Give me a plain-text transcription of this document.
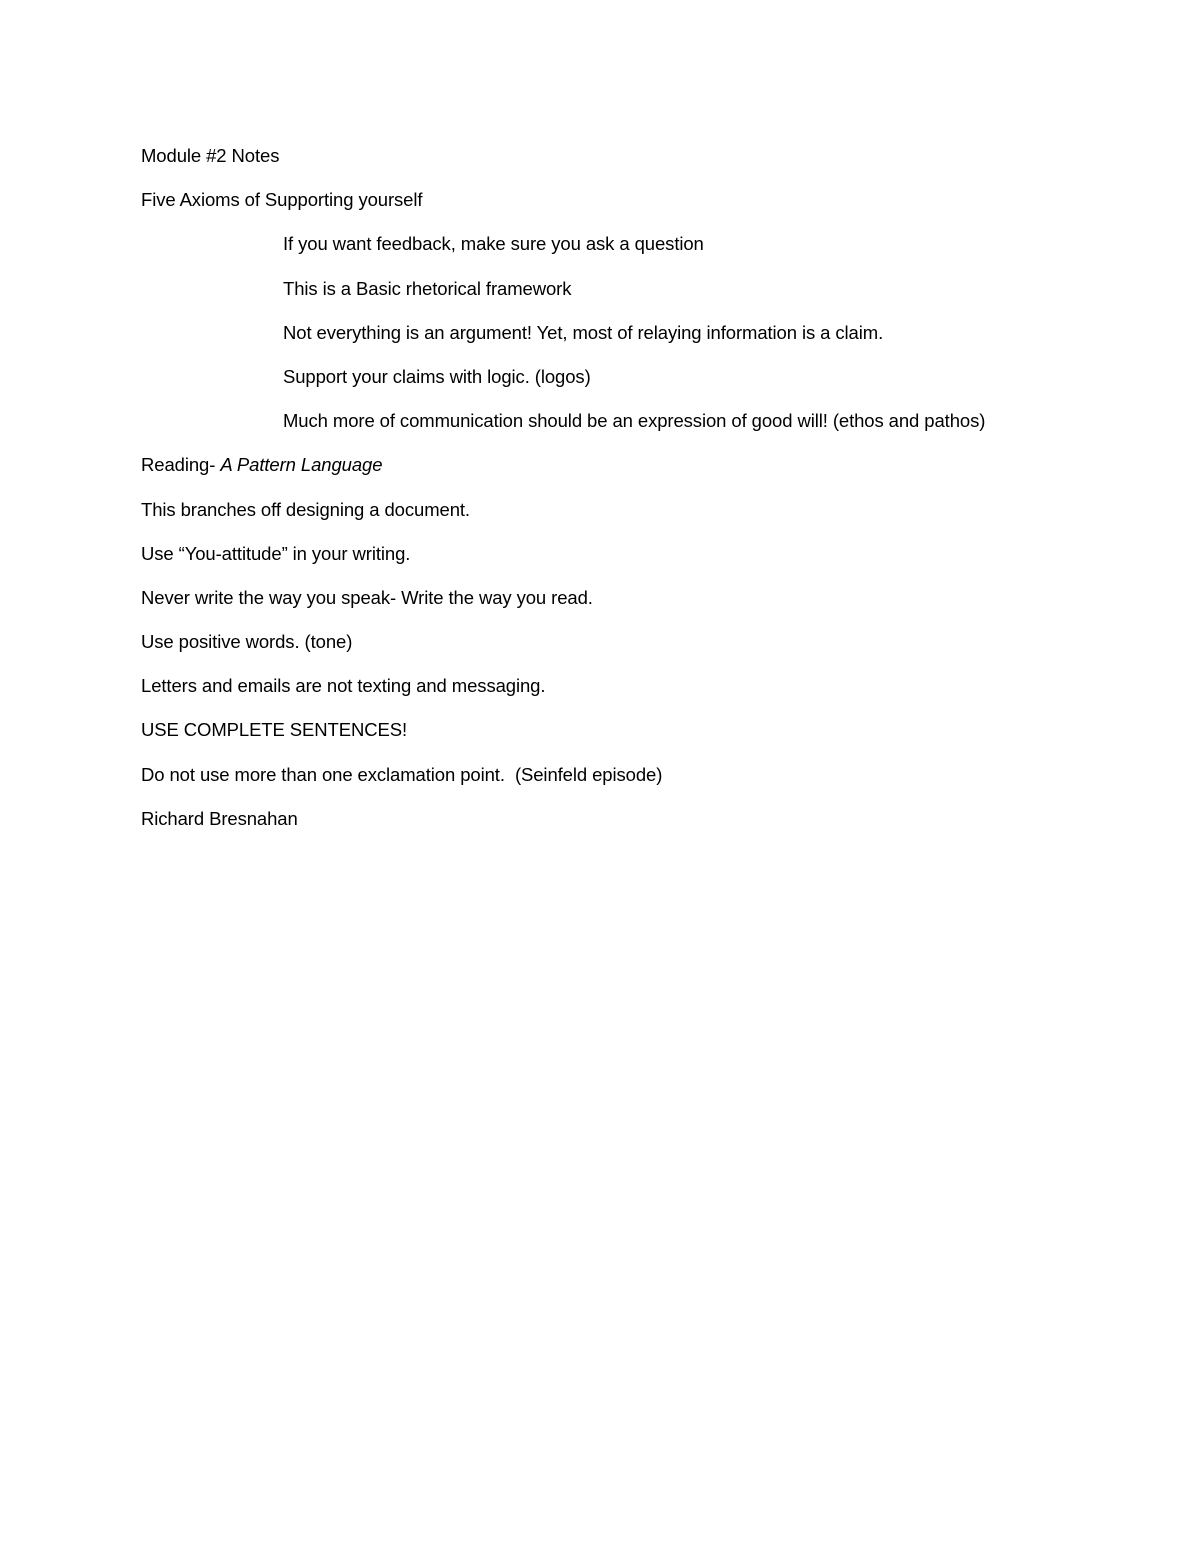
Module #2 Notes
Five Axioms of Supporting yourself
If you want feedback, make sure you ask a question
This is a Basic rhetorical framework
Not everything is an argument! Yet, most of relaying information is a claim.
Support your claims with logic. (logos)
Much more of communication should be an expression of good will! (ethos and pathos)
Reading- A Pattern Language
This branches off designing a document.
Use “You-attitude” in your writing.
Never write the way you speak- Write the way you read.
Use positive words. (tone)
Letters and emails are not texting and messaging.
USE COMPLETE SENTENCES!
Do not use more than one exclamation point.  (Seinfeld episode)
Richard Bresnahan
